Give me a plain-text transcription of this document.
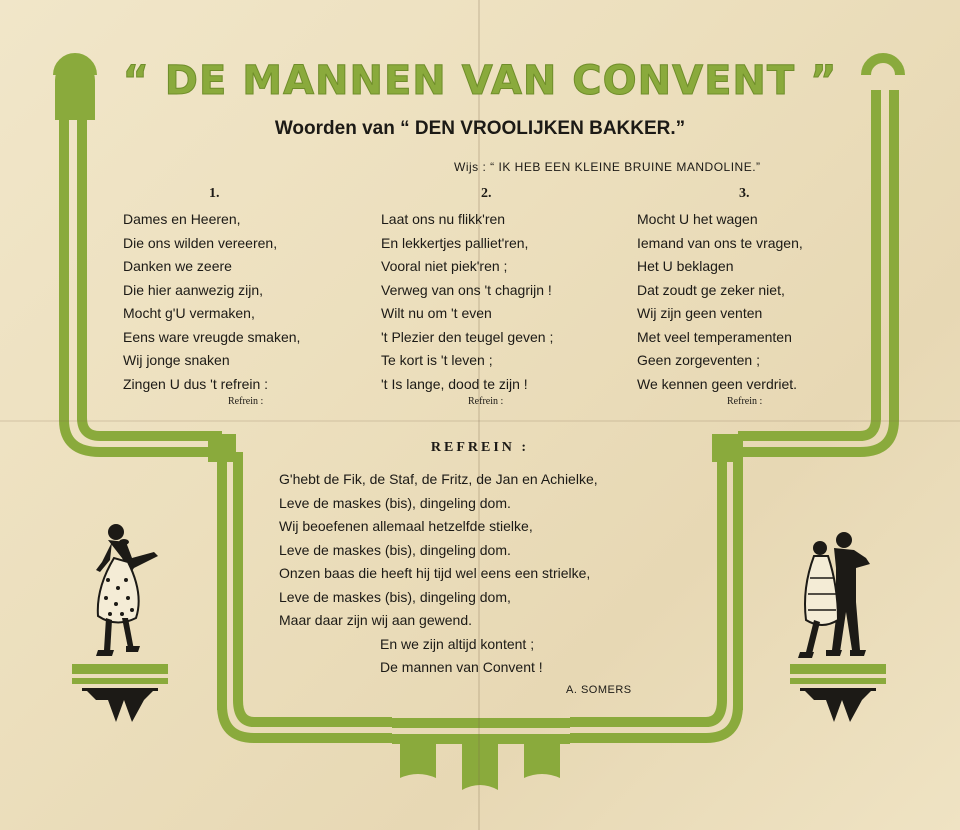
“ DE MANNEN VAN CONVENT ”
Woorden van “ DEN VROOLIJKEN BAKKER.”
Wijs : “ IK HEB EEN KLEINE BRUINE MANDOLINE.”
1.
Dames en Heeren,
Die ons wilden vereeren,
Danken we zeere
Die hier aanwezig zijn,
Mocht g'U vermaken,
Eens ware vreugde smaken,
Wij jonge snaken
Zingen U dus 't refrein :
Refrein :
2.
Laat ons nu flikk'ren
En lekkertjes palliet'ren,
Vooral niet piek'ren ;
Verweg van ons 't chagrijn !
Wilt nu om 't even
't Plezier den teugel geven ;
Te kort is 't leven ;
't Is lange, dood te zijn !
Refrein :
3.
Mocht U het wagen
Iemand van ons te vragen,
Het U beklagen
Dat zoudt ge zeker niet,
Wij zijn geen venten
Met veel temperamenten
Geen zorgeventen ;
We kennen geen verdriet.
Refrein :
REFREIN :
G'hebt de Fik, de Staf, de Fritz, de Jan en Achielke,
Leve de maskes (bis), dingeling dom.
Wij beoefenen allemaal hetzelfde stielke,
Leve de maskes (bis), dingeling dom.
Onzen baas die heeft hij tijd wel eens een strielke,
Leve de maskes (bis), dingeling dom,
Maar daar zijn wij aan gewend.
En we zijn altijd kontent ;
De mannen van Convent !
A. SOMERS
